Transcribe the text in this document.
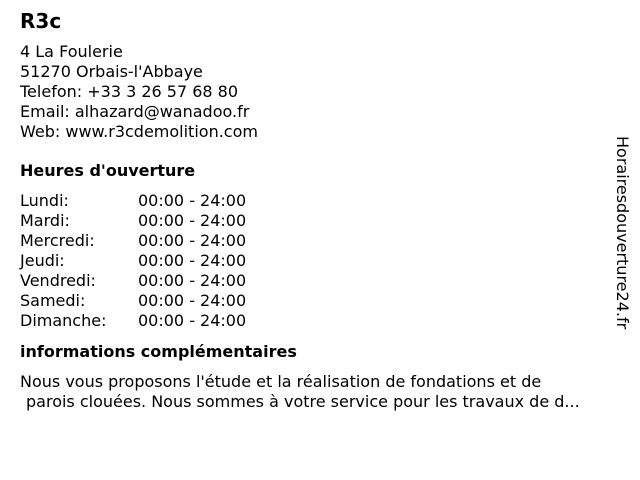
R3c
4 La Foulerie
51270 Orbais-l'Abbaye
Telefon: +33 3 26 57 68 80
Email: alhazard@wanadoo.fr
Web: www.r3cdemolition.com
Heures d'ouverture
Lundi:	00:00 - 24:00
Mardi:	00:00 - 24:00
Mercredi:	00:00 - 24:00
Jeudi:	00:00 - 24:00
Vendredi:	00:00 - 24:00
Samedi:	00:00 - 24:00
Dimanche: 00:00 - 24:00
informations complémentaires
Nous vous proposons l'étude et la réalisation de fondations et de
parois clouées. Nous sommes à votre service pour les travaux de d...
Horairesdouverture24.fr
